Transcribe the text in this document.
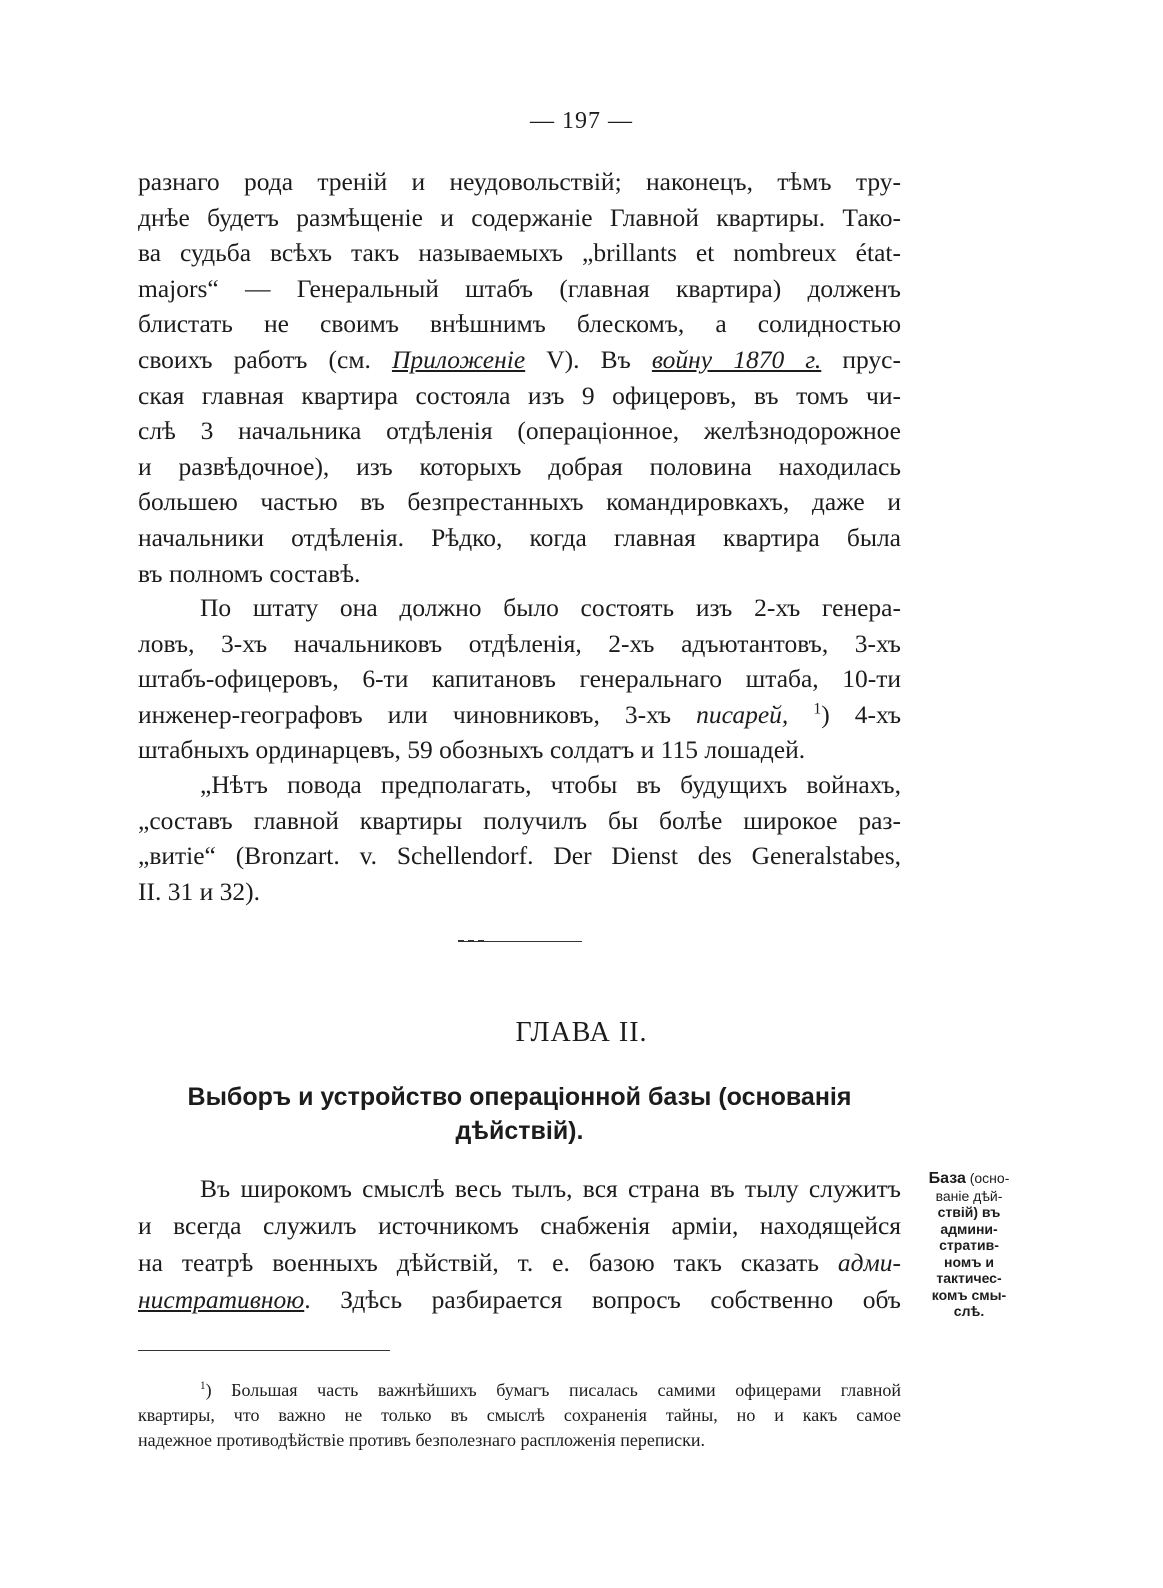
— 197 —
разнаго рода треній и неудовольствій; наконецъ, тѣмъ тру-
днѣе будетъ размѣщеніе и содержаніе Главной квартиры. Тако-
ва судьба всѣхъ такъ называемыхъ „brillants et nombreux état-
majors“ — Генеральный штабъ (главная квартира) долженъ
блистать не своимъ внѣшнимъ блескомъ, а солидностью
своихъ работъ (см. Приложеніе V). Въ войну 1870 г. прус-
ская главная квартира состояла изъ 9 офицеровъ, въ томъ чи-
слѣ 3 начальника отдѣленія (операціонное, желѣзнодорожное
и развѣдочное), изъ которыхъ добрая половина находилась
большею частью въ безпрестанныхъ командировкахъ, даже и
начальники отдѣленія. Рѣдко, когда главная квартира была
въ полномъ составѣ.
По штату она должно было состоять изъ 2-хъ генера-
ловъ, 3-хъ начальниковъ отдѣленія, 2-хъ адъютантовъ, 3-хъ
штабъ-офицеровъ, 6-ти капитановъ генеральнаго штаба, 10-ти
инженер-географовъ или чиновниковъ, 3-хъ писарей, $^1$) 4-хъ
штабныхъ ординарцевъ, 59 обозныхъ солдатъ и 115 лошадей.
„Нѣтъ повода предполагать, чтобы въ будущихъ войнахъ,
„составъ главной квартиры получилъ бы болѣе широкое раз-
„витіе“ (Bronzart. v. Schellendorf. Der Dienst des Generalstabes,
II. 31 и 32).
ГЛАВА II.
Выборъ и устройство операціонной базы (основанія
дѣйствій).
Въ широкомъ смыслѣ весь тылъ, вся страна въ тылу служитъ
и всегда служилъ источникомъ снабженія арміи, находящейся
на театрѣ военныхъ дѣйствій, т. е. базою такъ сказать адми-
нистративною. Здѣсь разбирается вопросъ собственно объ
База (осно-
ваніе дѣй-
ствій) въ
админи-
стратив-
номъ и
тактичес-
комъ смы-
слѣ.
$^1$) Большая часть важнѣйшихъ бумагъ писалась самими офицерами главной
квартиры, что важно не только въ смыслѣ сохраненія тайны, но и какъ самое
надежное противодѣйствіе противъ безполезнаго распложенія переписки.
